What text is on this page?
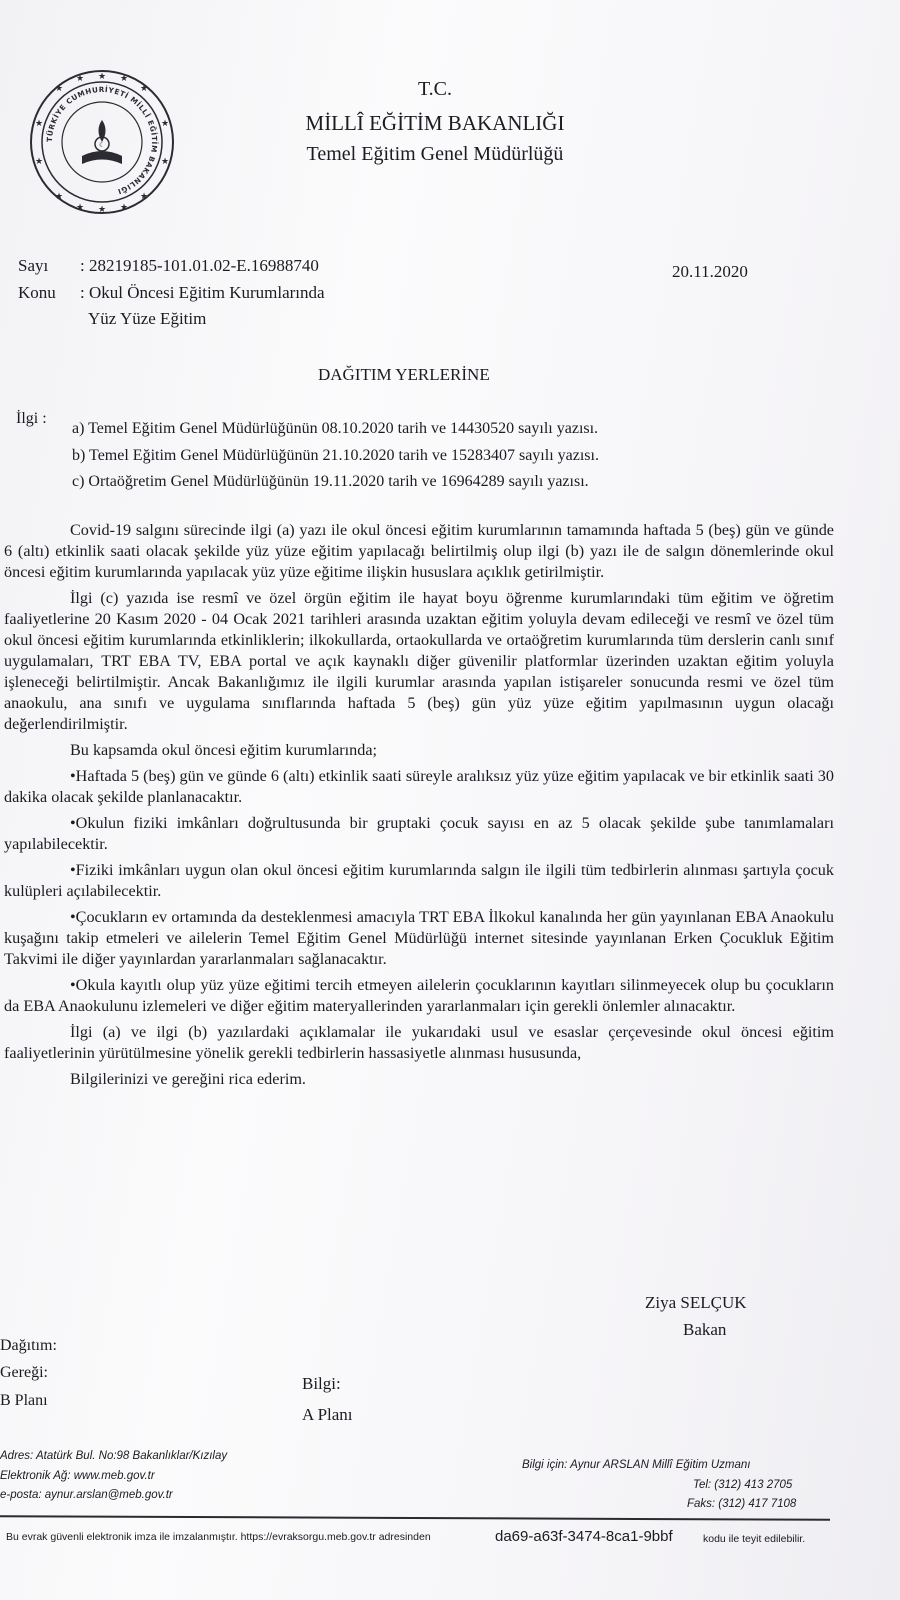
★
★
★
★
★
★
★
★
★
★
★
★
★
★
TÜRKİYE CUMHURİYETİ MİLLÎ EĞİTİM BAKANLIĞI
☾
T.C.
MİLLÎ EĞİTİM BAKANLIĞI
Temel Eğitim Genel Müdürlüğü
Sayı : 28219185-101.01.02-E.16988740
Konu : Okul Öncesi Eğitim Kurumlarında
Yüz Yüze Eğitim
20.11.2020
DAĞITIM YERLERİNE
İlgi :
a) Temel Eğitim Genel Müdürlüğünün 08.10.2020 tarih ve 14430520 sayılı yazısı.
b) Temel Eğitim Genel Müdürlüğünün 21.10.2020 tarih ve 15283407 sayılı yazısı.
c) Ortaöğretim Genel Müdürlüğünün 19.11.2020 tarih ve 16964289 sayılı yazısı.

Covid-19 salgını sürecinde ilgi (a) yazı ile okul öncesi eğitim kurumlarının tamamında haftada 5 (beş) gün ve günde 6 (altı) etkinlik saati olacak şekilde yüz yüze eğitim yapılacağı belirtilmiş olup ilgi (b) yazı ile de salgın dönemlerinde okul öncesi eğitim kurumlarında yapılacak yüz yüze eğitime ilişkin hususlara açıklık getirilmiştir.

İlgi (c) yazıda ise resmî ve özel örgün eğitim ile hayat boyu öğrenme kurumlarındaki tüm eğitim ve öğretim faaliyetlerine 20 Kasım 2020 - 04 Ocak 2021 tarihleri arasında uzaktan eğitim yoluyla devam edileceği ve resmî ve özel tüm okul öncesi eğitim kurumlarında etkinliklerin; ilkokullarda, ortaokullarda ve ortaöğretim kurumlarında tüm derslerin canlı sınıf uygulamaları, TRT EBA TV, EBA portal ve açık kaynaklı diğer güvenilir platformlar üzerinden uzaktan eğitim yoluyla işleneceği belirtilmiştir. Ancak Bakanlığımız ile ilgili kurumlar arasında yapılan istişareler sonucunda resmi ve özel tüm anaokulu, ana sınıfı ve uygulama sınıflarında haftada 5 (beş) gün yüz yüze eğitim yapılmasının uygun olacağı değerlendirilmiştir.

Bu kapsamda okul öncesi eğitim kurumlarında;

•Haftada 5 (beş) gün ve günde 6 (altı) etkinlik saati süreyle aralıksız yüz yüze eğitim yapılacak ve bir etkinlik saati 30 dakika olacak şekilde planlanacaktır.

•Okulun fiziki imkânları doğrultusunda bir gruptaki çocuk sayısı en az 5 olacak şekilde şube tanımlamaları yapılabilecektir.

•Fiziki imkânları uygun olan okul öncesi eğitim kurumlarında salgın ile ilgili tüm tedbirlerin alınması şartıyla çocuk kulüpleri açılabilecektir.

•Çocukların ev ortamında da desteklenmesi amacıyla TRT EBA İlkokul kanalında her gün yayınlanan EBA Anaokulu kuşağını takip etmeleri ve ailelerin Temel Eğitim Genel Müdürlüğü internet sitesinde yayınlanan Erken Çocukluk Eğitim Takvimi ile diğer yayınlardan yararlanmaları sağlanacaktır.

•Okula kayıtlı olup yüz yüze eğitimi tercih etmeyen ailelerin çocuklarının kayıtları silinmeyecek olup bu çocukların da EBA Anaokulunu izlemeleri ve diğer eğitim materyallerinden yararlanmaları için gerekli önlemler alınacaktır.

İlgi (a) ve ilgi (b) yazılardaki açıklamalar ile yukarıdaki usul ve esaslar çerçevesinde okul öncesi eğitim faaliyetlerinin yürütülmesine yönelik gerekli tedbirlerin hassasiyetle alınması hususunda,

Bilgilerinizi ve gereğini rica ederim.

Ziya SELÇUK
Bakan
Dağıtım:
Gereği:
B Planı
Bilgi:
A Planı
Adres: Atatürk Bul. No:98 Bakanlıklar/Kızılay
Elektronik Ağ: www.meb.gov.tr
e-posta: aynur.arslan@meb.gov.tr
Bilgi için: Aynur ARSLAN Millî Eğitim Uzmanı
Tel: (312) 413 2705
Faks: (312) 417 7108
Bu evrak güvenli elektronik imza ile imzalanmıştır. https://evraksorgu.meb.gov.tr adresinden	da69-a63f-3474-8ca1-9bbf	kodu ile teyit edilebilir.
